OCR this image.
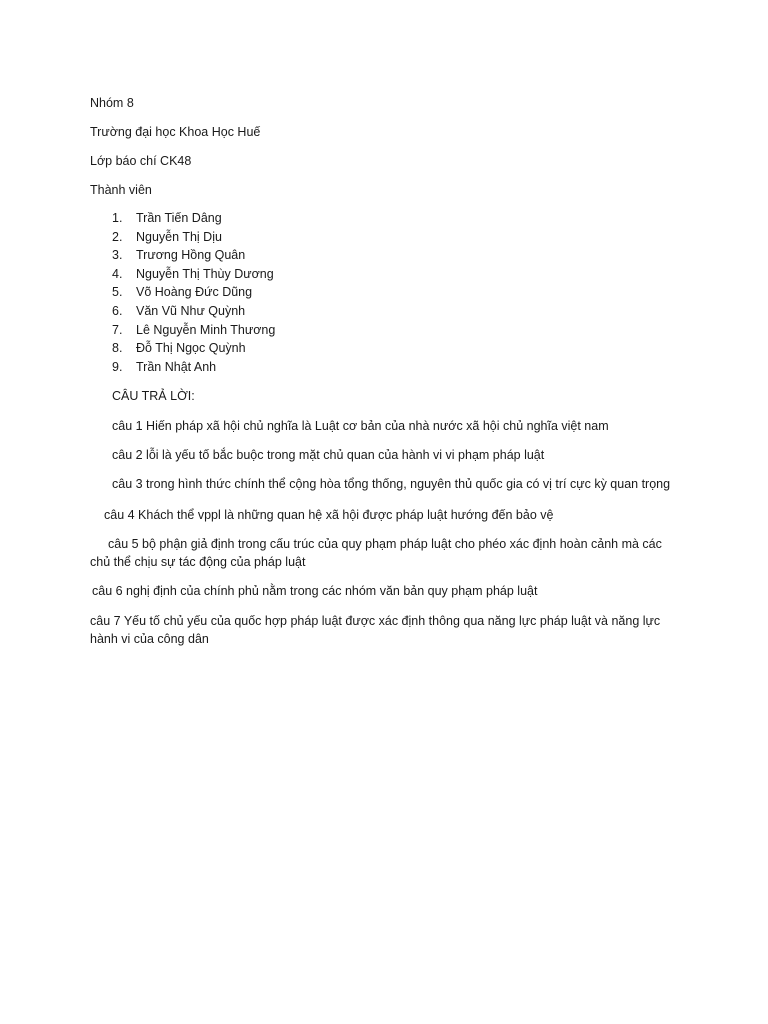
Nhóm 8
Trường đại học Khoa Học Huế
Lớp báo chí CK48
Thành viên
1. Trần Tiến Dâng
2. Nguyễn Thị Dịu
3. Trương Hồng Quân
4. Nguyễn Thị Thùy Dương
5. Võ Hoàng Đức Dũng
6. Văn Vũ Như Quỳnh
7. Lê Nguyễn Minh Thương
8. Đỗ Thị Ngọc Quỳnh
9. Trần Nhật Anh
CÂU TRẢ LỜI:
câu 1 Hiến pháp xã hội chủ nghĩa là Luật cơ bản của nhà nước xã hội chủ nghĩa việt nam
câu 2 lỗi là yếu tố bắc buộc trong mặt chủ quan của hành vi vi phạm pháp luật
câu 3 trong hình thức chính thể cộng hòa tổng thống, nguyên thủ quốc gia có vị trí cực kỳ quan trọng
câu 4 Khách thể vppl là những quan hệ xã hội được pháp luật hướng đến bảo vệ
câu 5 bộ phận giả định trong cấu trúc của quy phạm pháp luật cho phéo xác định hoàn cảnh mà các chủ thể chịu sự tác động của pháp luật
câu 6 nghị định của chính phủ nằm trong các nhóm văn bản quy phạm pháp luật
câu 7 Yếu tố chủ yếu của quốc hợp pháp luật được xác định thông qua năng lực pháp luật và năng lực hành vi của công dân
